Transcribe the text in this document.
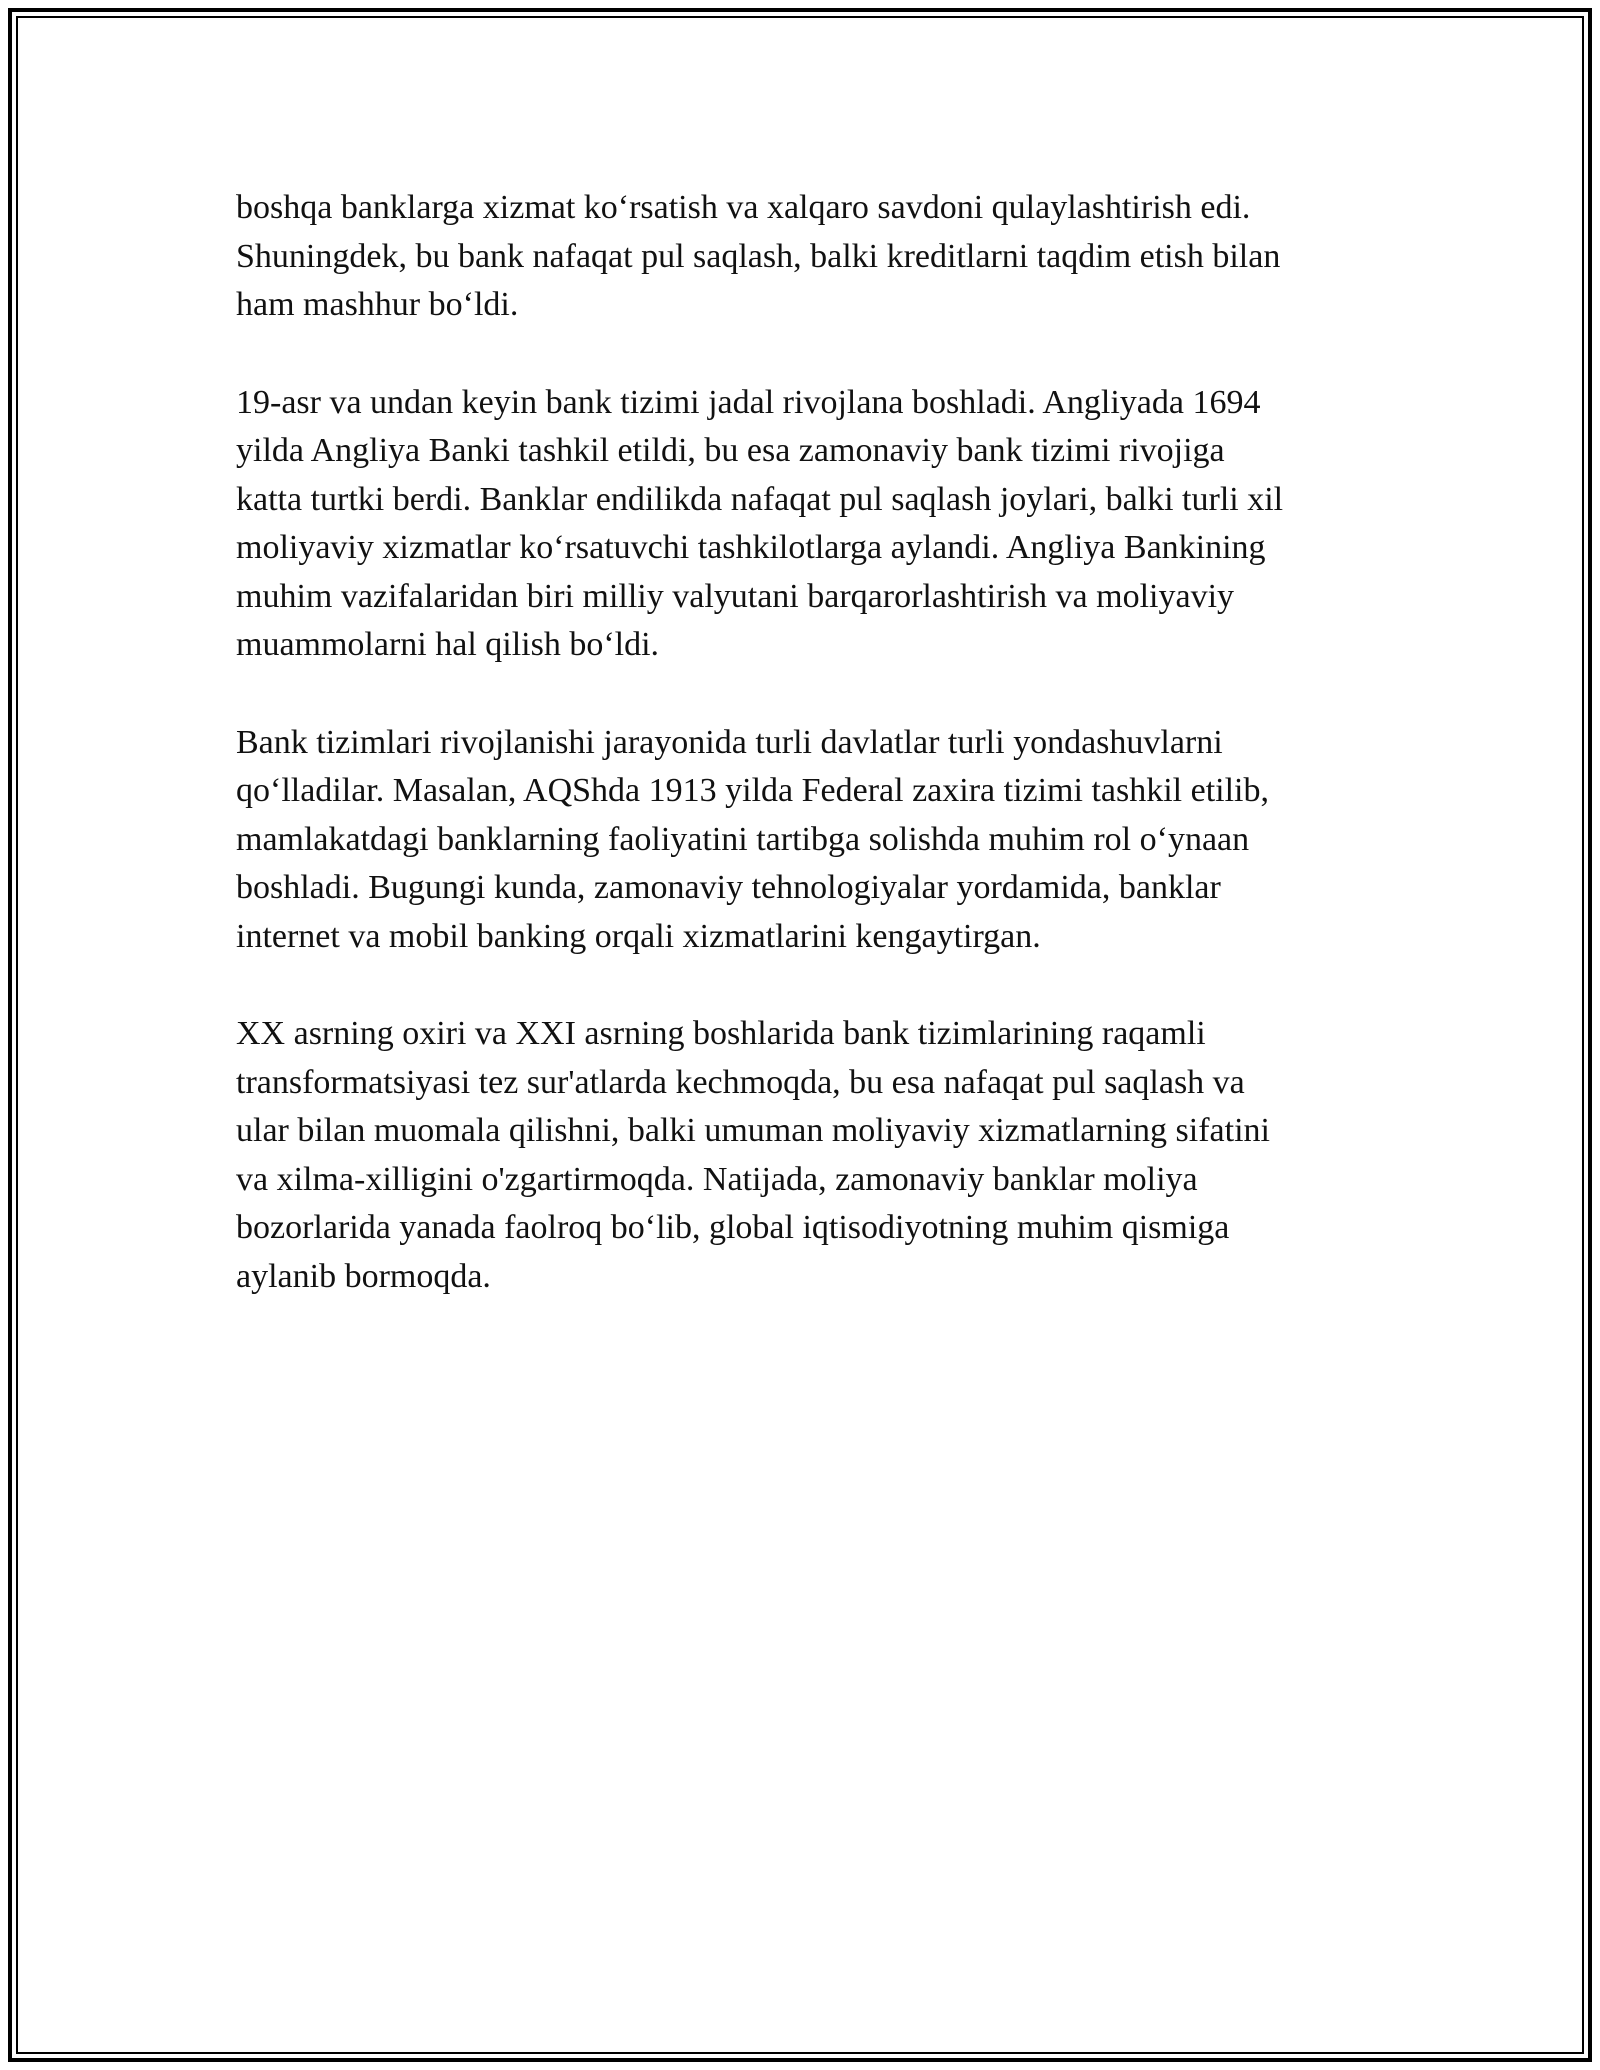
boshqa banklarga xizmat ko‘rsatish va xalqaro savdoni qulaylashtirish edi.
Shuningdek, bu bank nafaqat pul saqlash, balki kreditlarni taqdim etish bilan
ham mashhur bo‘ldi.

19-asr va undan keyin bank tizimi jadal rivojlana boshladi. Angliyada 1694
yilda Angliya Banki tashkil etildi, bu esa zamonaviy bank tizimi rivojiga
katta turtki berdi. Banklar endilikda nafaqat pul saqlash joylari, balki turli xil
moliyaviy xizmatlar ko‘rsatuvchi tashkilotlarga aylandi. Angliya Bankining
muhim vazifalaridan biri milliy valyutani barqarorlashtirish va moliyaviy
muammolarni hal qilish bo‘ldi.

Bank tizimlari rivojlanishi jarayonida turli davlatlar turli yondashuvlarni
qo‘lladilar. Masalan, AQShda 1913 yilda Federal zaxira tizimi tashkil etilib,
mamlakatdagi banklarning faoliyatini tartibga solishda muhim rol o‘ynaan
boshladi. Bugungi kunda, zamonaviy tehnologiyalar yordamida, banklar
internet va mobil banking orqali xizmatlarini kengaytirgan.

XX asrning oxiri va XXI asrning boshlarida bank tizimlarining raqamli
transformatsiyasi tez sur'atlarda kechmoqda, bu esa nafaqat pul saqlash va
ular bilan muomala qilishni, balki umuman moliyaviy xizmatlarning sifatini
va xilma-xilligini o'zgartirmoqda. Natijada, zamonaviy banklar moliya
bozorlarida yanada faolroq bo‘lib, global iqtisodiyotning muhim qismiga
aylanib bormoqda.
